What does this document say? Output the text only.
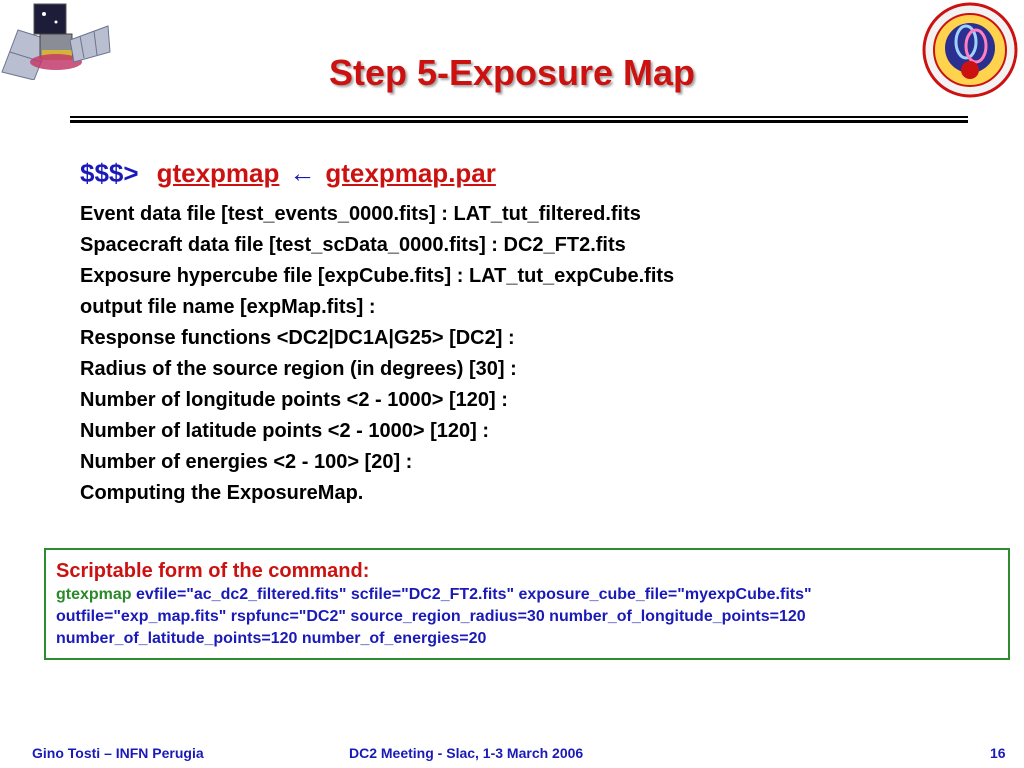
Step 5-Exposure Map
$$$> gtexpmap ← gtexpmap.par
Event data file [test_events_0000.fits] : LAT_tut_filtered.fits
Spacecraft data file [test_scData_0000.fits] : DC2_FT2.fits
Exposure hypercube file [expCube.fits] : LAT_tut_expCube.fits
output file name [expMap.fits] :
Response functions <DC2|DC1A|G25> [DC2] :
Radius of the source region (in degrees) [30] :
Number of longitude points <2 - 1000> [120] :
Number of latitude points <2 - 1000> [120] :
Number of energies <2 - 100> [20] :
Computing the ExposureMap.
Scriptable form of the command:
gtexpmap evfile="ac_dc2_filtered.fits" scfile="DC2_FT2.fits" exposure_cube_file="myexpCube.fits"
outfile="exp_map.fits" rspfunc="DC2" source_region_radius=30 number_of_longitude_points=120
number_of_latitude_points=120 number_of_energies=20
Gino Tosti – INFN Perugia	DC2 Meeting - Slac, 1-3 March 2006	16
